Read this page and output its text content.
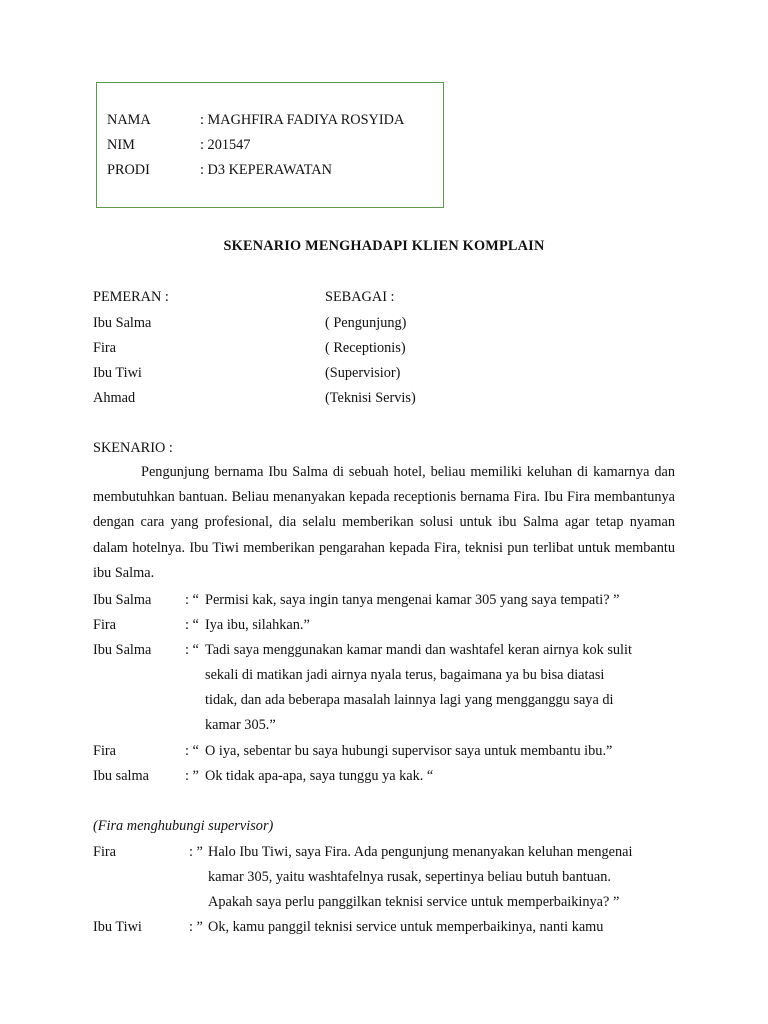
NAMA	: MAGHFIRA FADIYA ROSYIDA
NIM	: 201547
PRODI	: D3 KEPERAWATAN
SKENARIO MENGHADAPI KLIEN KOMPLAIN
PEMERAN :	SEBAGAI :
Ibu Salma	( Pengunjung)
Fira	( Receptionis)
Ibu Tiwi	(Supervisior)
Ahmad	(Teknisi Servis)
SKENARIO :

Pengunjung bernama Ibu Salma di sebuah hotel, beliau memiliki keluhan di kamarnya dan membutuhkan bantuan. Beliau menanyakan kepada receptionis bernama Fira. Ibu Fira membantunya dengan cara yang profesional, dia selalu memberikan solusi untuk ibu Salma agar tetap nyaman dalam hotelnya. Ibu Tiwi memberikan pengarahan kepada Fira, teknisi pun terlibat untuk membantu ibu Salma.

Ibu Salma : “ Permisi kak, saya ingin tanya mengenai kamar 305 yang saya tempati? ”
Fira	: “ Iya ibu, silahkan.”
Ibu Salma : “ Tadi saya menggunakan kamar mandi dan washtafel keran airnya kok sulit
sekali di matikan jadi airnya nyala terus, bagaimana ya bu bisa diatasi
tidak, dan ada beberapa masalah lainnya lagi yang mengganggu saya di
kamar 305.”
Fira	: “ O iya, sebentar bu saya hubungi supervisor saya untuk membantu ibu.”
Ibu salma	: ” Ok tidak apa-apa, saya tunggu ya kak. “
(Fira menghubungi supervisor)
Fira	: ” Halo Ibu Tiwi, saya Fira. Ada pengunjung menanyakan keluhan mengenai
kamar 305, yaitu washtafelnya rusak, sepertinya beliau butuh bantuan.
Apakah saya perlu panggilkan teknisi service untuk memperbaikinya? ”
Ibu Tiwi	: ” Ok, kamu panggil teknisi service untuk memperbaikinya, nanti kamu
